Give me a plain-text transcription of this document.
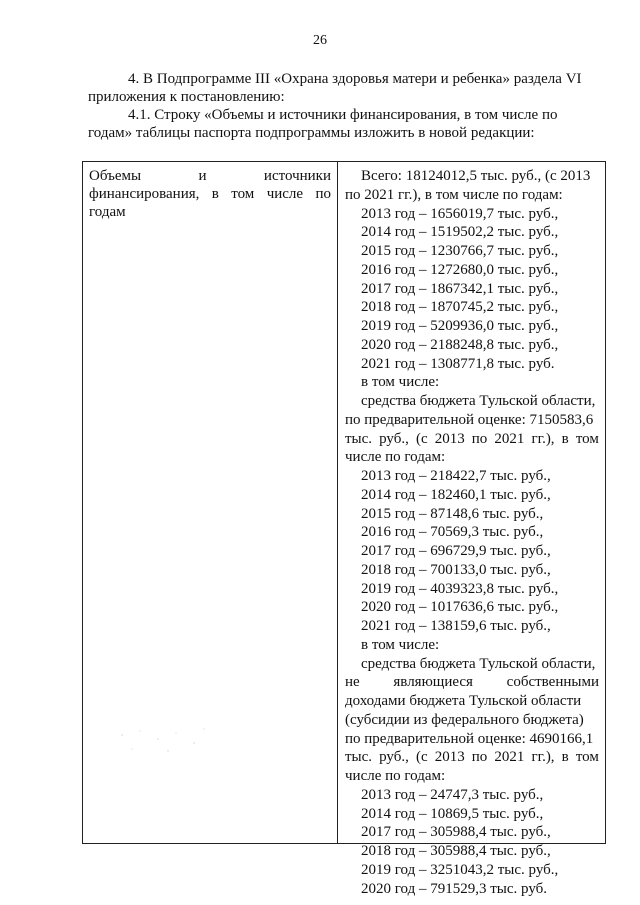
26
4. В Подпрограмме III «Охрана здоровья матери и ребенка» раздела VI
приложения к постановлению:
4.1. Строку «Объемы и источники финансирования, в том числе по
годам» таблицы паспорта подпрограммы изложить в новой редакции:
Объемы	и	источники
финансирования, в том числе по
годам
Всего: 18124012,5 тыс. руб., (с 2013
по 2021 гг.), в том числе по годам:
2013 год – 1656019,7 тыс. руб.,
2014 год – 1519502,2 тыс. руб.,
2015 год – 1230766,7 тыс. руб.,
2016 год – 1272680,0 тыс. руб.,
2017 год – 1867342,1 тыс. руб.,
2018 год – 1870745,2 тыс. руб.,
2019 год – 5209936,0 тыс. руб.,
2020 год – 2188248,8 тыс. руб.,
2021 год – 1308771,8 тыс. руб.
в том числе:
средства бюджета Тульской области,
по предварительной оценке: 7150583,6
тыс. руб., (с 2013 по 2021 гг.), в том
числе по годам:
2013 год – 218422,7 тыс. руб.,
2014 год – 182460,1 тыс. руб.,
2015 год – 87148,6 тыс. руб.,
2016 год – 70569,3 тыс. руб.,
2017 год – 696729,9 тыс. руб.,
2018 год – 700133,0 тыс. руб.,
2019 год – 4039323,8 тыс. руб.,
2020 год – 1017636,6 тыс. руб.,
2021 год – 138159,6 тыс. руб.,
в том числе:
средства бюджета Тульской области,
не являющиеся собственными
доходами бюджета Тульской области
(субсидии из федерального бюджета)
по предварительной оценке: 4690166,1
тыс. руб., (с 2013 по 2021 гг.), в том
числе по годам:
2013 год – 24747,3 тыс. руб.,
2014 год – 10869,5 тыс. руб.,
2017 год – 305988,4 тыс. руб.,
2018 год – 305988,4 тыс. руб.,
2019 год – 3251043,2 тыс. руб.,
2020 год – 791529,3 тыс. руб.
